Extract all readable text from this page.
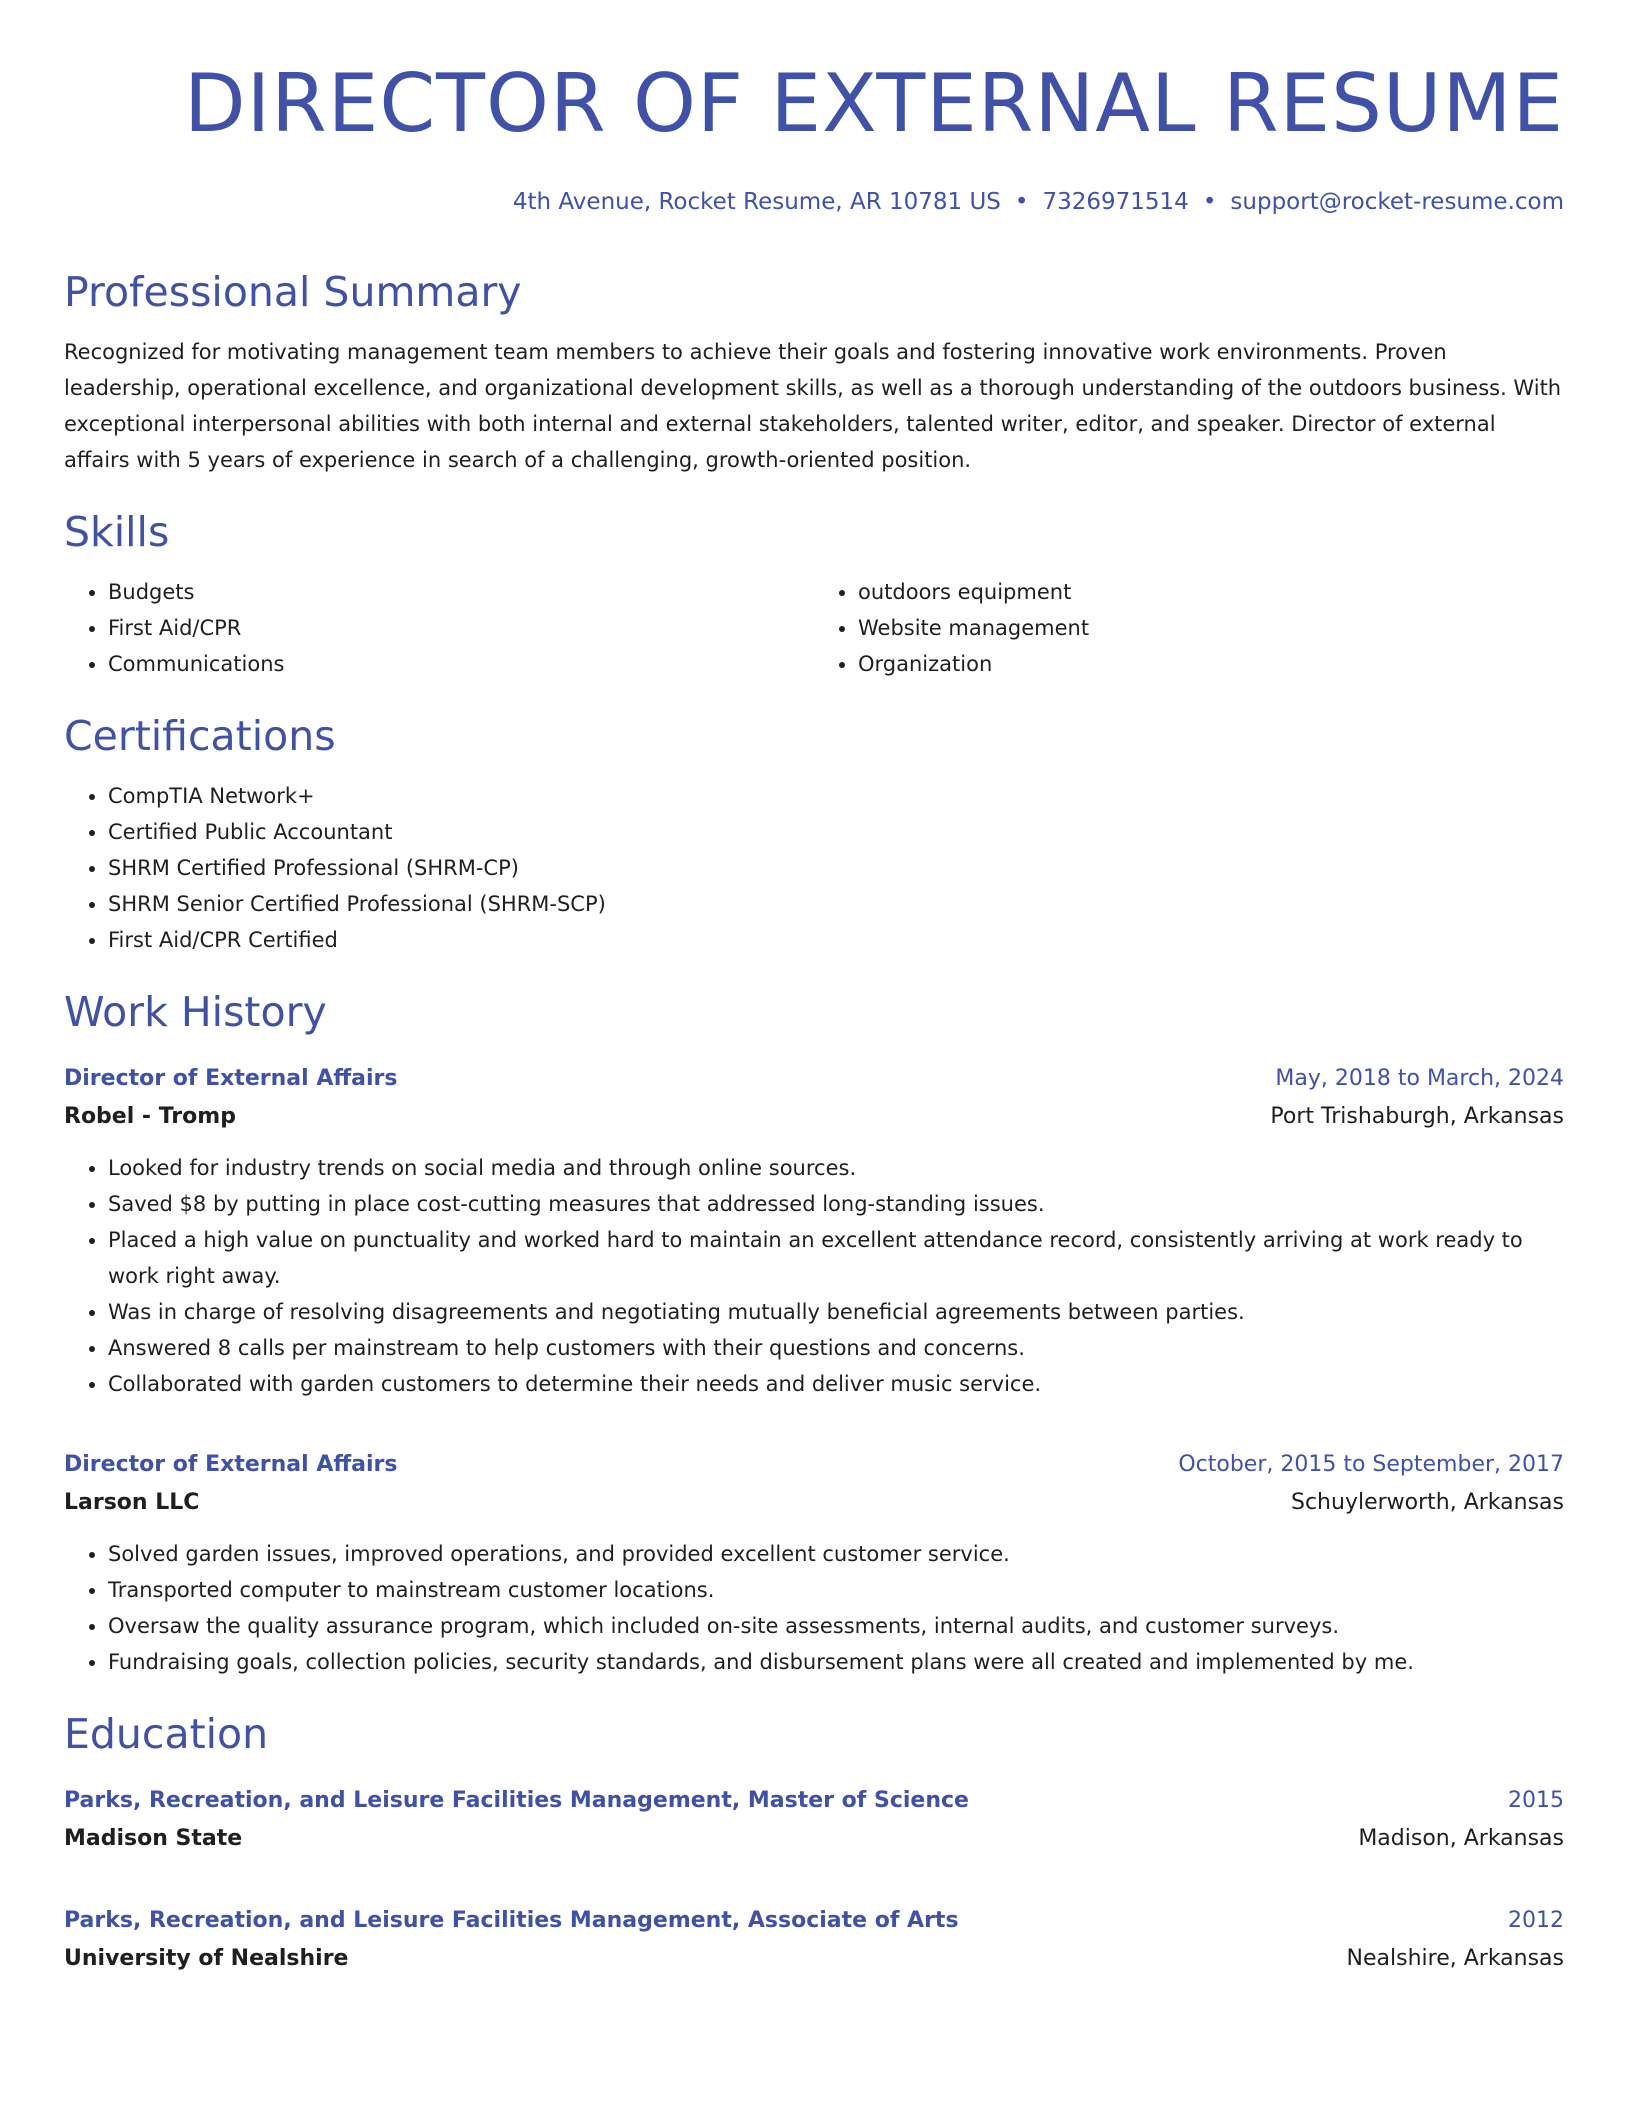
DIRECTOR OF EXTERNAL RESUME
4th Avenue, Rocket Resume, AR 10781 US • 7326971514 • support@rocket-resume.com
Professional Summary

Recognized for motivating management team members to achieve their goals and fostering innovative work environments. Proven leadership, operational excellence, and organizational development skills, as well as a thorough understanding of the outdoors business. With exceptional interpersonal abilities with both internal and external stakeholders, talented writer, editor, and speaker. Director of external affairs with 5 years of experience in search of a challenging, growth-oriented position.

Skills
• Budgets
• First Aid/CPR
• Communications
• outdoors equipment
• Website management
• Organization
Certifications
• CompTIA Network+
• Certified Public Accountant
• SHRM Certified Professional (SHRM-CP)
• SHRM Senior Certified Professional (SHRM-SCP)
• First Aid/CPR Certified
Work History
Director of External Affairs	May, 2018 to March, 2024
Robel - Tromp	Port Trishaburgh, Arkansas
• Looked for industry trends on social media and through online sources.
• Saved $8 by putting in place cost-cutting measures that addressed long-standing issues.
• Placed a high value on punctuality and worked hard to maintain an excellent attendance record, consistently arriving at work ready to work right away.
• Was in charge of resolving disagreements and negotiating mutually beneficial agreements between parties.
• Answered 8 calls per mainstream to help customers with their questions and concerns.
• Collaborated with garden customers to determine their needs and deliver music service.
Director of External Affairs	October, 2015 to September, 2017
Larson LLC	Schuylerworth, Arkansas
• Solved garden issues, improved operations, and provided excellent customer service.
• Transported computer to mainstream customer locations.
• Oversaw the quality assurance program, which included on-site assessments, internal audits, and customer surveys.
• Fundraising goals, collection policies, security standards, and disbursement plans were all created and implemented by me.
Education
Parks, Recreation, and Leisure Facilities Management, Master of Science	2015
Madison State	Madison, Arkansas
Parks, Recreation, and Leisure Facilities Management, Associate of Arts	2012
University of Nealshire	Nealshire, Arkansas
